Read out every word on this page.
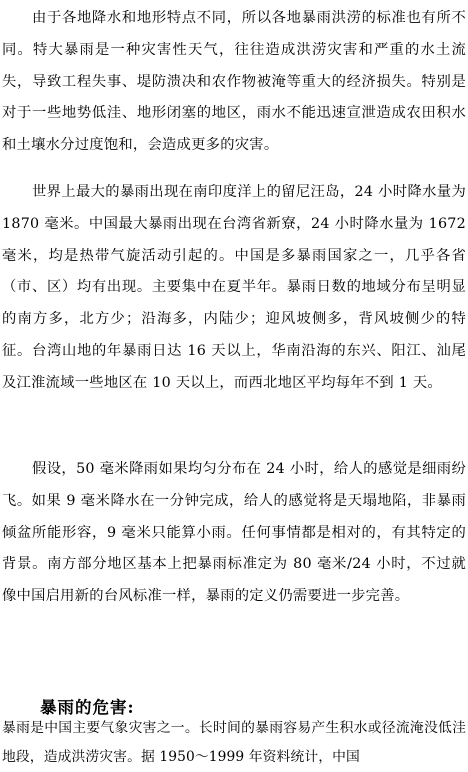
由于各地降水和地形特点不同，所以各地暴雨洪涝的标准也有所不同。特大暴雨是一种灾害性天气，往往造成洪涝灾害和严重的水土流失，导致工程失事、堤防溃决和农作物被淹等重大的经济损失。特别是对于一些地势低洼、地形闭塞的地区，雨水不能迅速宣泄造成农田积水和土壤水分过度饱和，会造成更多的灾害。

世界上最大的暴雨出现在南印度洋上的留尼汪岛，24 小时降水量为 1870 毫米。中国最大暴雨出现在台湾省新寮，24 小时降水量为 1672 毫米，均是热带气旋活动引起的。中国是多暴雨国家之一，几乎各省（市、区）均有出现。主要集中在夏半年。暴雨日数的地域分布呈明显的南方多，北方少；沿海多，内陆少；迎风坡侧多，背风坡侧少的特征。台湾山地的年暴雨日达 16 天以上，华南沿海的东兴、阳江、汕尾及江淮流域一些地区在 10 天以上，而西北地区平均每年不到 1 天。

假设，50 毫米降雨如果均匀分布在 24 小时，给人的感觉是细雨纷飞。如果 9 毫米降水在一分钟完成，给人的感觉将是天塌地陷，非暴雨倾盆所能形容，9 毫米只能算小雨。任何事情都是相对的，有其特定的背景。南方部分地区基本上把暴雨标准定为 80 毫米/24 小时，不过就像中国启用新的台风标准一样，暴雨的定义仍需要进一步完善。

暴雨的危害:

暴雨是中国主要气象灾害之一。长时间的暴雨容易产生积水或径流淹没低洼地段，造成洪涝灾害。据 1950～1999 年资料统计，中国
